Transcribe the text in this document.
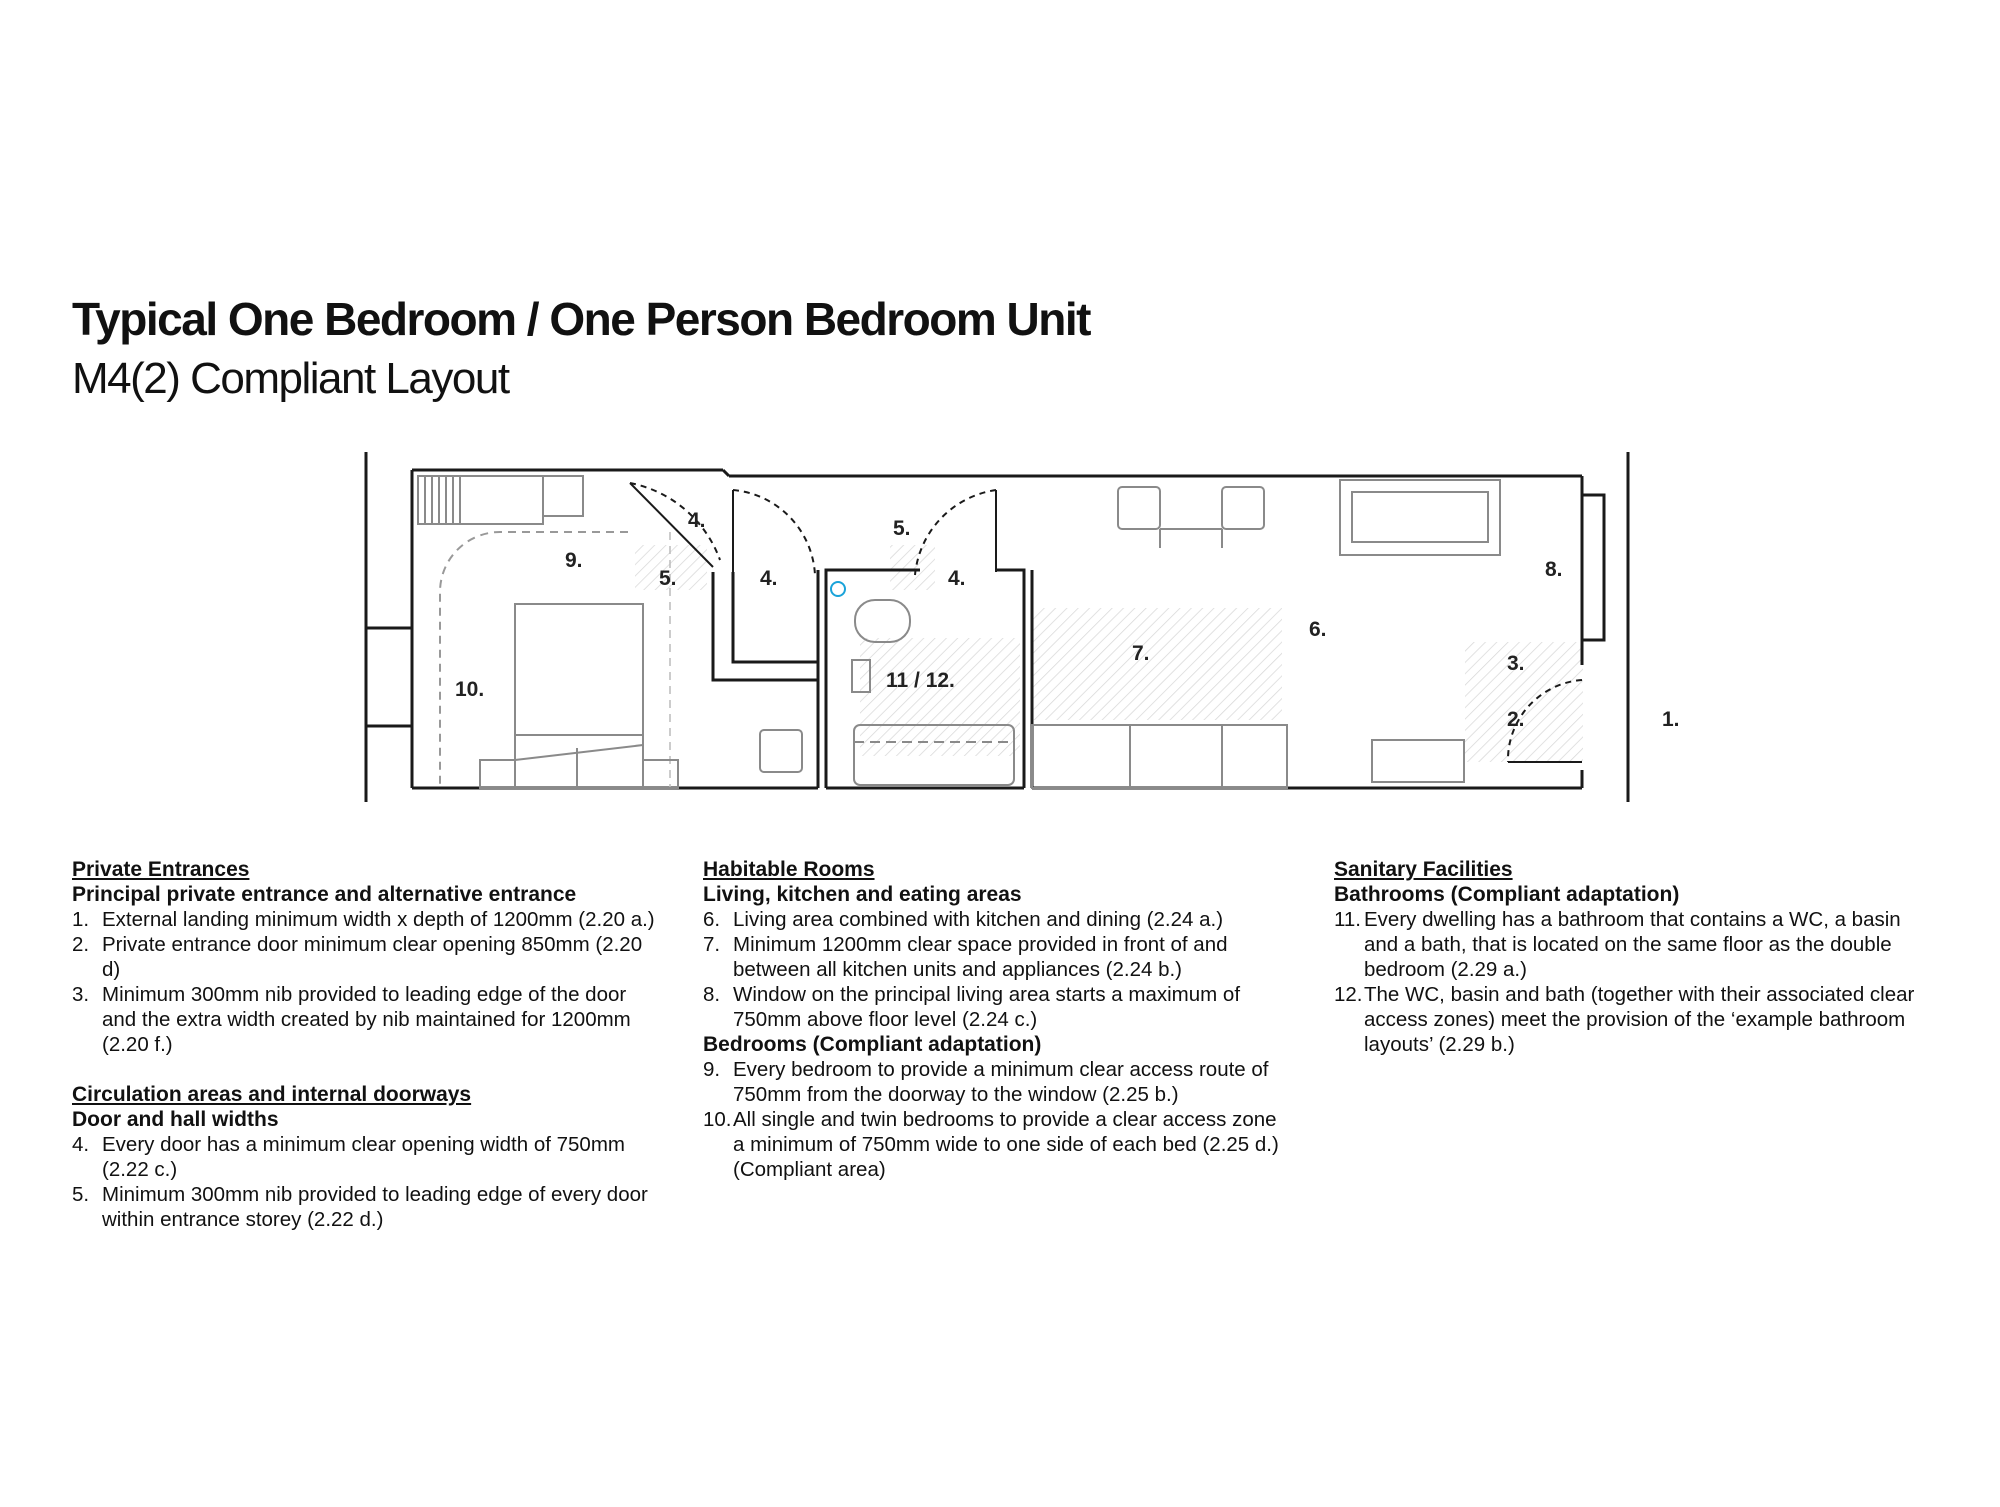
Typical One Bedroom / One Person Bedroom Unit
M4(2) Compliant Layout
1.
2.
3.
4.
4.	4.
5.
5.
6.
7.
8.
9.
10.	11 / 12.
Private Entrances
Principal private entrance and alternative entrance
1. External landing minimum width x depth of 1200mm (2.20 a.)
2. Private entrance door minimum clear opening 850mm (2.20 d)
3. Minimum 300mm nib provided to leading edge of the door and the extra width created by nib maintained for 1200mm (2.20 f.)
Circulation areas and internal doorways
Door and hall widths
4. Every door has a minimum clear opening width of 750mm (2.22 c.)
5. Minimum 300mm nib provided to leading edge of every door within entrance storey (2.22 d.)
Habitable Rooms
Living, kitchen and eating areas
6. Living area combined with kitchen and dining (2.24 a.)
7. Minimum 1200mm clear space provided in front of and between all kitchen units and appliances (2.24 b.)
8. Window on the principal living area starts a maximum of 750mm above floor level (2.24 c.)
Bedrooms (Compliant adaptation)
9. Every bedroom to provide a minimum clear access route of 750mm from the doorway to the window (2.25 b.)
10. All single and twin bedrooms to provide a clear access zone a minimum of 750mm wide to one side of each bed (2.25 d.) (Compliant area)
Sanitary Facilities
Bathrooms (Compliant adaptation)
11. Every dwelling has a bathroom that contains a WC, a basin and a bath, that is located on the same floor as the double bedroom (2.29 a.)
12. The WC, basin and bath (together with their associated clear access zones) meet the provision of the ‘example bathroom layouts’ (2.29 b.)
